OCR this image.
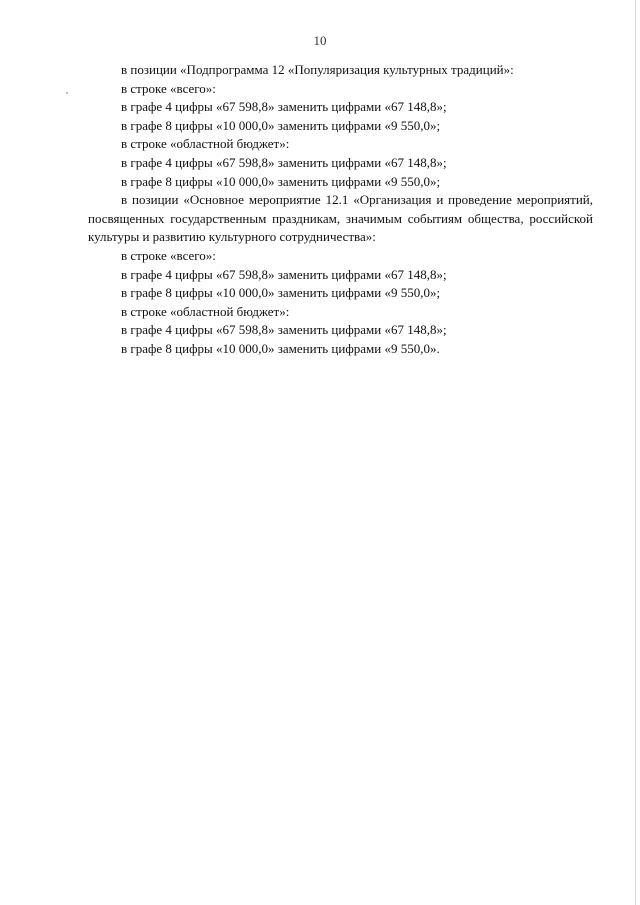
10

в позиции «Подпрограмма 12 «Популяризация культурных традиций»:

в строке «всего»:

в графе 4 цифры «67 598,8» заменить цифрами «67 148,8»;

в графе 8 цифры «10 000,0» заменить цифрами «9 550,0»;

в строке «областной бюджет»:

в графе 4 цифры «67 598,8» заменить цифрами «67 148,8»;

в графе 8 цифры «10 000,0» заменить цифрами «9 550,0»;

в позиции «Основное мероприятие 12.1 «Организация и проведение мероприятий, посвященных государственным праздникам, значимым событиям общества, российской культуры и развитию культурного сотрудничества»:

в строке «всего»:

в графе 4 цифры «67 598,8» заменить цифрами «67 148,8»;

в графе 8 цифры «10 000,0» заменить цифрами «9 550,0»;

в строке «областной бюджет»:

в графе 4 цифры «67 598,8» заменить цифрами «67 148,8»;

в графе 8 цифры «10 000,0» заменить цифрами «9 550,0».
